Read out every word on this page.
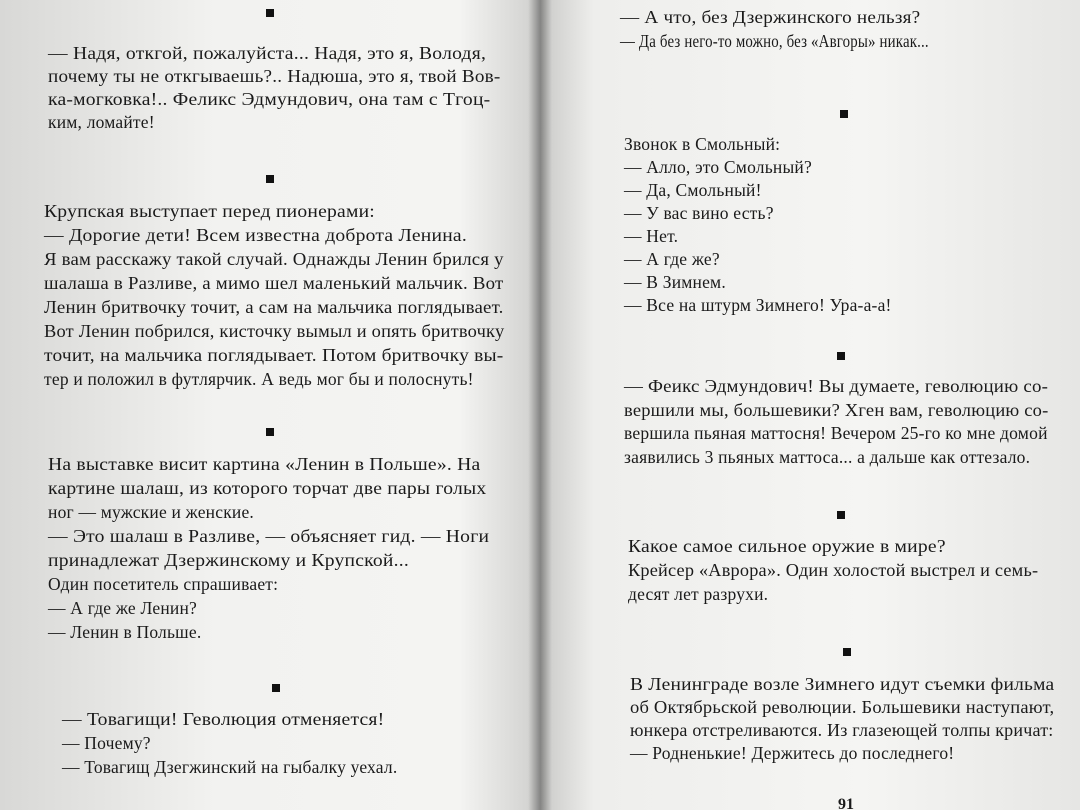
— Надя, откгой, пожалуйста... Надя, это я, Володя,
почему ты не откгываешь?.. Надюша, это я, твой Вов-
ка-могковка!.. Феликс Эдмундович, она там с Тгоц-
ким, ломайте!
Крупская выступает перед пионерами:
— Дорогие дети! Всем известна доброта Ленина.
Я вам расскажу такой случай. Однажды Ленин брился у
шалаша в Разливе, а мимо шел маленький мальчик. Вот
Ленин бритвочку точит, а сам на мальчика поглядывает.
Вот Ленин побрился, кисточку вымыл и опять бритвочку
точит, на мальчика поглядывает. Потом бритвочку вы-
тер и положил в футлярчик. А ведь мог бы и полоснуть!
На выставке висит картина «Ленин в Польше». На
картине шалаш, из которого торчат две пары голых
ног — мужские и женские.
— Это шалаш в Разливе, — объясняет гид. — Ноги
принадлежат Дзержинскому и Крупской...
Один посетитель спрашивает:
— А где же Ленин?
— Ленин в Польше.
— Товагищи! Геволюция отменяется!
— Почему?
— Товагищ Дзегжинский на гыбалку уехал.
91
— А что, без Дзержинского нельзя?
— Да без него-то можно, без «Авгоры» никак...
Звонок в Смольный:
— Алло, это Смольный?
— Да, Смольный!
— У вас вино есть?
— Нет.
— А где же?
— В Зимнем.
— Все на штурм Зимнего! Ура-а-а!
— Феикс Эдмундович! Вы думаете, геволюцию со-
вершили мы, большевики? Хген вам, геволюцию со-
вершила пьяная маттосня! Вечером 25-го ко мне домой
заявились 3 пьяных маттоса... а дальше как оттезало.
Какое самое сильное оружие в мире?
Крейсер «Аврора». Один холостой выстрел и семь-
десят лет разрухи.
В Ленинграде возле Зимнего идут съемки фильма
об Октябрьской революции. Большевики наступают,
юнкера отстреливаются. Из глазеющей толпы кричат:
— Родненькие! Держитесь до последнего!
